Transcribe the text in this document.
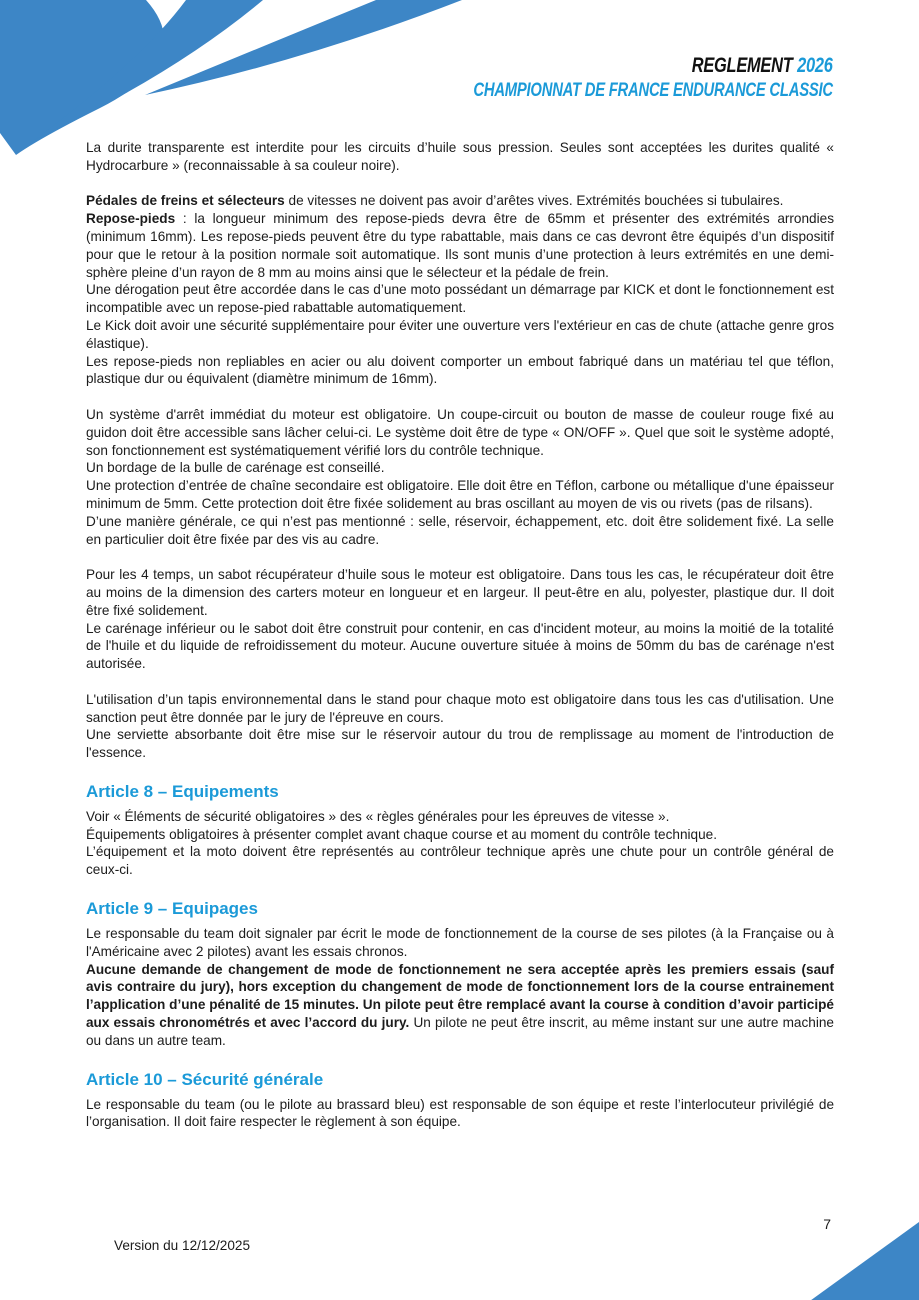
REGLEMENT 2026
CHAMPIONNAT DE FRANCE ENDURANCE CLASSIC

La durite transparente est interdite pour les circuits d’huile sous pression. Seules sont acceptées les durites qualité « Hydrocarbure » (reconnaissable à sa couleur noire).

Pédales de freins et sélecteurs de vitesses ne doivent pas avoir d’arêtes vives. Extrémités bouchées si tubulaires.

Repose-pieds : la longueur minimum des repose-pieds devra être de 65mm et présenter des extrémités arrondies (minimum 16mm). Les repose-pieds peuvent être du type rabattable, mais dans ce cas devront être équipés d’un dispositif pour que le retour à la position normale soit automatique. Ils sont munis d’une protection à leurs extrémités en une demi-sphère pleine d’un rayon de 8 mm au moins ainsi que le sélecteur et la pédale de frein.

Une dérogation peut être accordée dans le cas d’une moto possédant un démarrage par KICK et dont le fonctionnement est incompatible avec un repose-pied rabattable automatiquement.

Le Kick doit avoir une sécurité supplémentaire pour éviter une ouverture vers l'extérieur en cas de chute (attache genre gros élastique).

Les repose-pieds non repliables en acier ou alu doivent comporter un embout fabriqué dans un matériau tel que téflon, plastique dur ou équivalent (diamètre minimum de 16mm).

Un système d'arrêt immédiat du moteur est obligatoire. Un coupe-circuit ou bouton de masse de couleur rouge fixé au guidon doit être accessible sans lâcher celui-ci. Le système doit être de type « ON/OFF ». Quel que soit le système adopté, son fonctionnement est systématiquement vérifié lors du contrôle technique.

Un bordage de la bulle de carénage est conseillé.

Une protection d’entrée de chaîne secondaire est obligatoire. Elle doit être en Téflon, carbone ou métallique d'une épaisseur minimum de 5mm. Cette protection doit être fixée solidement au bras oscillant au moyen de vis ou rivets (pas de rilsans).

D’une manière générale, ce qui n’est pas mentionné : selle, réservoir, échappement, etc. doit être solidement fixé. La selle en particulier doit être fixée par des vis au cadre.

Pour les 4 temps, un sabot récupérateur d’huile sous le moteur est obligatoire. Dans tous les cas, le récupérateur doit être au moins de la dimension des carters moteur en longueur et en largeur. Il peut-être en alu, polyester, plastique dur. Il doit être fixé solidement.

Le carénage inférieur ou le sabot doit être construit pour contenir, en cas d'incident moteur, au moins la moitié de la totalité de l'huile et du liquide de refroidissement du moteur. Aucune ouverture située à moins de 50mm du bas de carénage n'est autorisée.

L'utilisation d’un tapis environnemental dans le stand pour chaque moto est obligatoire dans tous les cas d'utilisation. Une sanction peut être donnée par le jury de l'épreuve en cours.

Une serviette absorbante doit être mise sur le réservoir autour du trou de remplissage au moment de l'introduction de l'essence.

Article 8 – Equipements

Voir « Éléments de sécurité obligatoires » des « règles générales pour les épreuves de vitesse ».

Équipements obligatoires à présenter complet avant chaque course et au moment du contrôle technique.

L’équipement et la moto doivent être représentés au contrôleur technique après une chute pour un contrôle général de ceux-ci.

Article 9 – Equipages

Le responsable du team doit signaler par écrit le mode de fonctionnement de la course de ses pilotes (à la Française ou à l'Américaine avec 2 pilotes) avant les essais chronos.

Aucune demande de changement de mode de fonctionnement ne sera acceptée après les premiers essais (sauf avis contraire du jury), hors exception du changement de mode de fonctionnement lors de la course entrainement l’application d’une pénalité de 15 minutes. Un pilote peut être remplacé avant la course à condition d’avoir participé aux essais chronométrés et avec l’accord du jury. Un pilote ne peut être inscrit, au même instant sur une autre machine ou dans un autre team.

Article 10 – Sécurité générale

Le responsable du team (ou le pilote au brassard bleu) est responsable de son équipe et reste l’interlocuteur privilégié de l’organisation. Il doit faire respecter le règlement à son équipe.

7
Version du 12/12/2025
